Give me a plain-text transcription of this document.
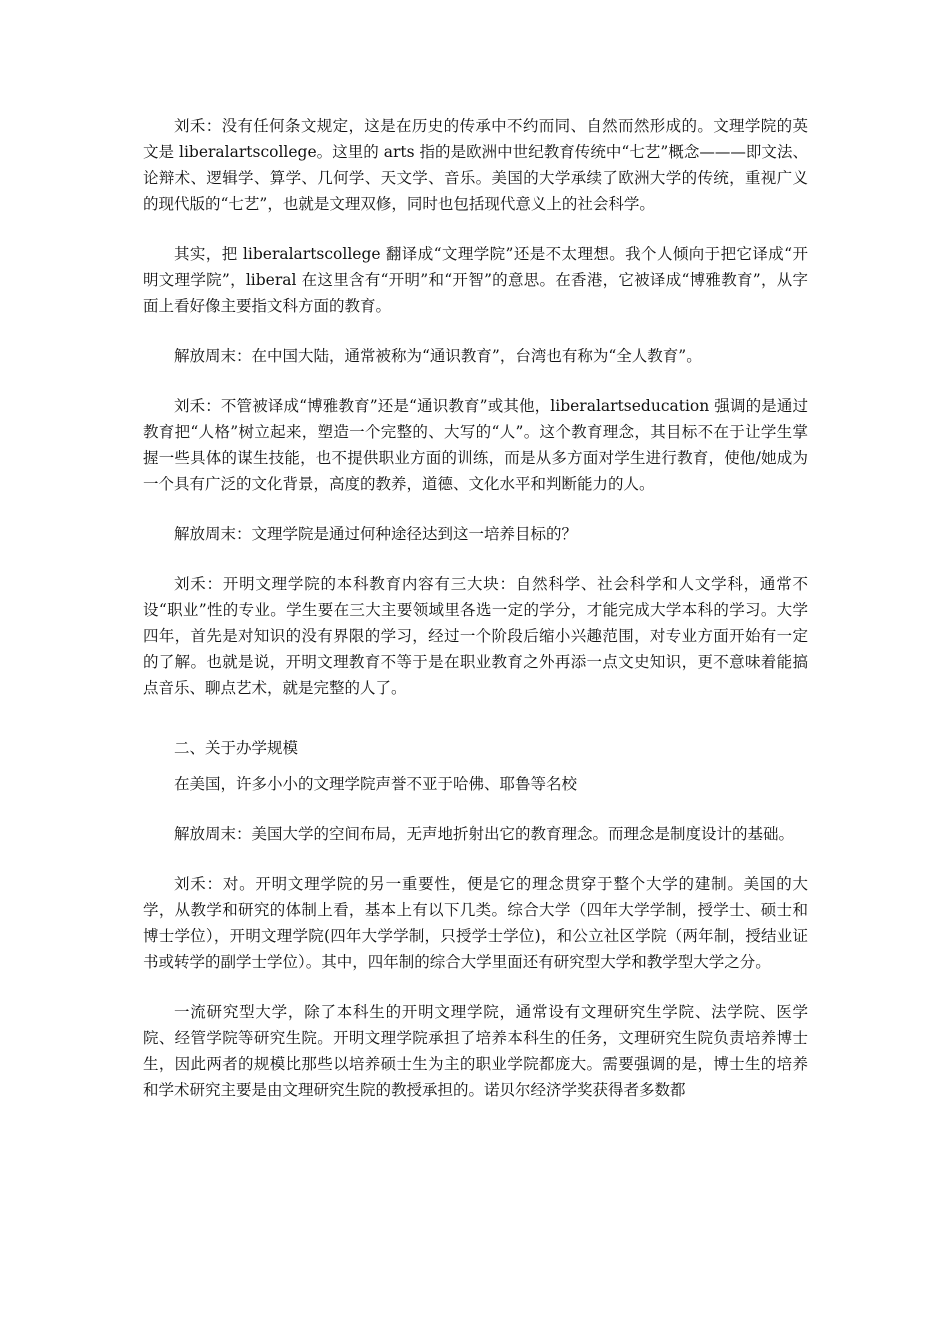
刘禾：没有任何条文规定，这是在历史的传承中不约而同、自然而然形成的。文理学院的英文是 liberalartscollege。这里的 arts 指的是欧洲中世纪教育传统中“七艺”概念———即文法、论辩术、逻辑学、算学、几何学、天文学、音乐。美国的大学承续了欧洲大学的传统，重视广义的现代版的“七艺”，也就是文理双修，同时也包括现代意义上的社会科学。

其实，把 liberalartscollege 翻译成“文理学院”还是不太理想。我个人倾向于把它译成“开明文理学院”，liberal 在这里含有“开明”和“开智”的意思。在香港，它被译成“博雅教育”，从字面上看好像主要指文科方面的教育。

解放周末：在中国大陆，通常被称为“通识教育”，台湾也有称为“全人教育”。

刘禾：不管被译成“博雅教育”还是“通识教育”或其他，liberalartseducation 强调的是通过教育把“人格”树立起来，塑造一个完整的、大写的“人”。这个教育理念，其目标不在于让学生掌握一些具体的谋生技能，也不提供职业方面的训练，而是从多方面对学生进行教育，使他/她成为一个具有广泛的文化背景，高度的教养，道德、文化水平和判断能力的人。

解放周末：文理学院是通过何种途径达到这一培养目标的？

刘禾：开明文理学院的本科教育内容有三大块：自然科学、社会科学和人文学科，通常不设“职业”性的专业。学生要在三大主要领域里各选一定的学分，才能完成大学本科的学习。大学四年，首先是对知识的没有界限的学习，经过一个阶段后缩小兴趣范围，对专业方面开始有一定的了解。也就是说，开明文理教育不等于是在职业教育之外再添一点文史知识，更不意味着能搞点音乐、聊点艺术，就是完整的人了。

二、关于办学规模

在美国，许多小小的文理学院声誉不亚于哈佛、耶鲁等名校

解放周末：美国大学的空间布局，无声地折射出它的教育理念。而理念是制度设计的基础。

刘禾：对。开明文理学院的另一重要性，便是它的理念贯穿于整个大学的建制。美国的大学，从教学和研究的体制上看，基本上有以下几类。综合大学（四年大学学制，授学士、硕士和博士学位），开明文理学院(四年大学学制，只授学士学位)，和公立社区学院（两年制，授结业证书或转学的副学士学位）。其中，四年制的综合大学里面还有研究型大学和教学型大学之分。

一流研究型大学，除了本科生的开明文理学院，通常设有文理研究生学院、法学院、医学院、经管学院等研究生院。开明文理学院承担了培养本科生的任务，文理研究生院负责培养博士生，因此两者的规模比那些以培养硕士生为主的职业学院都庞大。需要强调的是，博士生的培养和学术研究主要是由文理研究生院的教授承担的。诺贝尔经济学奖获得者多数都
